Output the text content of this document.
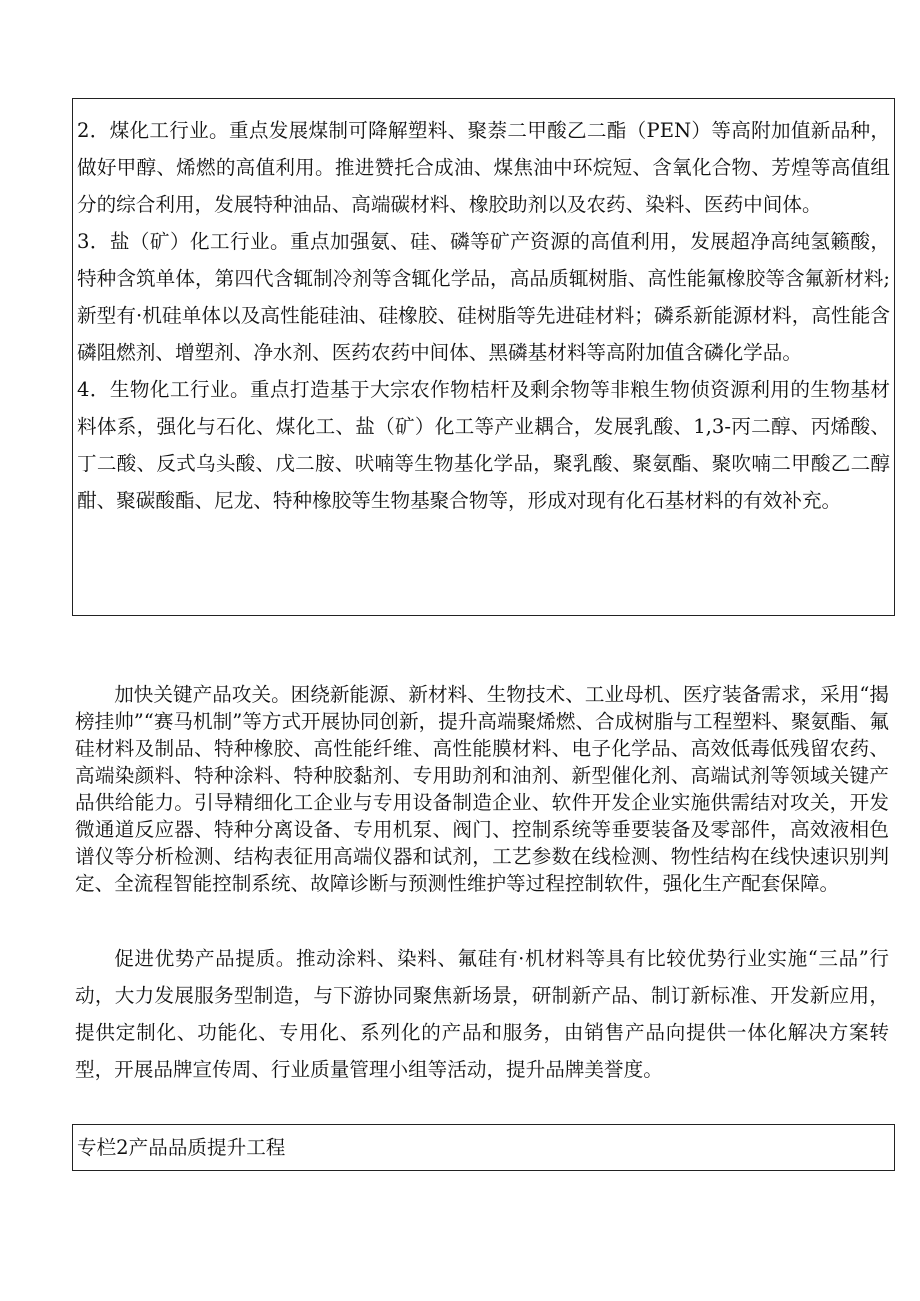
2．煤化工行业。重点发展煤制可降解塑料、聚萘二甲酸乙二酯（PEN）等高附加值新品种，做好甲醇、烯燃的高值利用。推进赞托合成油、煤焦油中环烷短、含氧化合物、芳煌等高值组分的综合利用，发展特种油品、高端碳材料、橡胶助剂以及农药、染料、医药中间体。

3．盐（矿）化工行业。重点加强氨、硅、磷等矿产资源的高值利用，发展超净高纯氢籁酸，特种含筑单体，第四代含辄制冷剂等含辄化学品，高品质辄树脂、高性能氟橡胶等含氟新材料;新型有·机硅单体以及高性能硅油、硅橡胶、硅树脂等先进硅材料；磷系新能源材料，高性能含磷阻燃剂、增塑剂、净水剂、医药农药中间体、黑磷基材料等高附加值含磷化学品。

4．生物化工行业。重点打造基于大宗农作物桔杆及剩余物等非粮生物侦资源利用的生物基材料体系，强化与石化、煤化工、盐（矿）化工等产业耦合，发展乳酸、1,3-丙二醇、丙烯酸、丁二酸、反式乌头酸、戊二胺、吠喃等生物基化学品，聚乳酸、聚氨酯、聚吹喃二甲酸乙二醇酣、聚碳酸酯、尼龙、特种橡胶等生物基聚合物等，形成对现有化石基材料的有效补充。

加快关键产品攻关。困绕新能源、新材料、生物技术、工业母机、医疗装备需求，采用“揭榜挂帅”“赛马机制”等方式开展协同创新，提升高端聚烯燃、合成树脂与工程塑料、聚氨酯、氟硅材料及制品、特种橡胶、高性能纤维、高性能膜材料、电子化学品、高效低毒低残留农药、高端染颜料、特种涂料、特种胶黏剂、专用助剂和油剂、新型催化剂、高端试剂等领域关键产品供给能力。引导精细化工企业与专用设备制造企业、软件开发企业实施供需结对攻关，开发微通道反应器、特种分离设备、专用机泵、阀门、控制系统等垂要装备及零部件，高效液相色谱仪等分析检测、结构表征用高端仪器和试剂，工艺参数在线检测、物性结构在线快速识别判定、全流程智能控制系统、故障诊断与预测性维护等过程控制软件，强化生产配套保障。

促进优势产品提质。推动涂料、染料、氟硅有·机材料等具有比较优势行业实施“三品”行动，大力发展服务型制造，与下游协同聚焦新场景，研制新产品、制订新标准、开发新应用，提供定制化、功能化、专用化、系列化的产品和服务，由销售产品向提供一体化解决方案转型，开展品牌宣传周、行业质量管理小组等活动，提升品牌美誉度。

专栏2产品品质提升工程
